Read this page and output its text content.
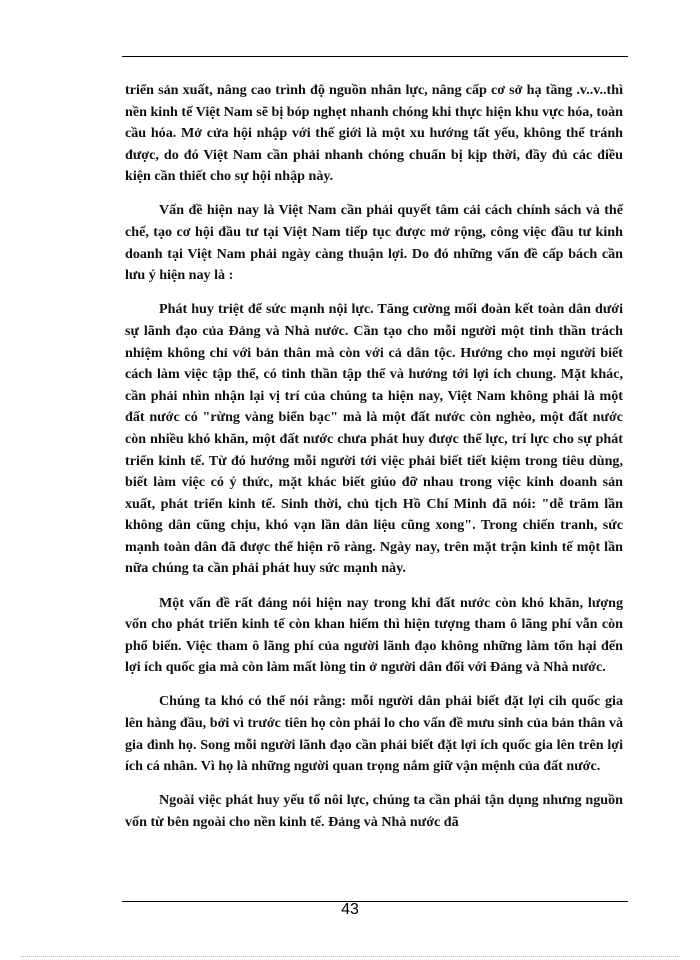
triển sản xuất, nâng cao trình độ nguồn nhân lực, nâng cấp cơ sở hạ tầng .v..v..thì nền kinh tế Việt Nam sẽ bị bóp nghẹt nhanh chóng khi thực hiện khu vực hóa, toàn cầu hóa. Mở cửa hội nhập với thế giới là một xu hướng tất yếu, không thể tránh được, do đó Việt Nam cần phải nhanh chóng chuẩn bị kịp thời, đầy đủ các điều kiện cần thiết cho sự hội nhập này.

Vấn đề hiện nay là Việt Nam cần phải quyết tâm cải cách chính sách và thể chế, tạo cơ hội đầu tư tại Việt Nam tiếp tục được mở rộng, công việc đầu tư kinh doanh tại Việt Nam phải ngày càng thuận lợi. Do đó những vấn đề cấp bách cần lưu ý hiện nay là :

Phát huy triệt để sức mạnh nội lực. Tăng cường mối đoàn kết toàn dân dưới sự lãnh đạo của Đảng và Nhà nước. Cần tạo cho mỗi người một tinh thần trách nhiệm không chỉ với bản thân mà còn với cả dân tộc. Hướng cho mọi người biết cách làm việc tập thể, có tinh thần tập thể và hướng tới lợi ích chung. Mặt khác, cần phải nhìn nhận lại vị trí của chúng ta hiện nay, Việt Nam không phải là một đất nước có "rừng vàng biển bạc" mà là một đất nước còn nghèo, một đất nước còn nhiều khó khăn, một đất nước chưa phát huy được thế lực, trí lực cho sự phát triển kinh tế. Từ đó hướng mỗi người tới việc phải biết tiết kiệm trong tiêu dùng, biết làm việc có ý thức, mặt khác biết giúo đỡ nhau trong việc kinh doanh sản xuất, phát triển kinh tế. Sinh thời, chủ tịch Hồ Chí Minh đã nói: "dễ trăm lần không dân cũng chịu, khó vạn lần dân liệu cũng xong". Trong chiến tranh, sức mạnh toàn dân đã được thể hiện rõ ràng. Ngày nay, trên mặt trận kinh tế một lần nữa chúng ta cần phải phát huy sức mạnh này.

Một vấn đề rất đáng nói hiện nay trong khi đất nước còn khó khăn, lượng vốn cho phát triển kinh tế còn khan hiếm thì hiện tượng tham ô lãng phí vẫn còn phổ biến. Việc tham ô lãng phí của người lãnh đạo không những làm tổn hại đến lợi ích quốc gia mà còn làm mất lòng tin ở người dân đối với Đảng và Nhà nước.

Chúng ta khó có thể nói rằng: mỗi người dân phải biết đặt lợi cih quốc gia lên hàng đầu, bởi vì trước tiên họ còn phải lo cho vấn đề mưu sinh của bản thân và gia đình họ. Song mỗi người lãnh đạo cần phải biết đặt lợi ích quốc gia lên trên lợi ích cá nhân. Vì họ là những người quan trọng nắm giữ vận mệnh của đất nước.

Ngoài việc phát huy yếu tố nôi lực, chúng ta cần phải tận dụng nhưng nguồn vốn từ bên ngoài cho nền kinh tế. Đảng và Nhà nước đã

43
